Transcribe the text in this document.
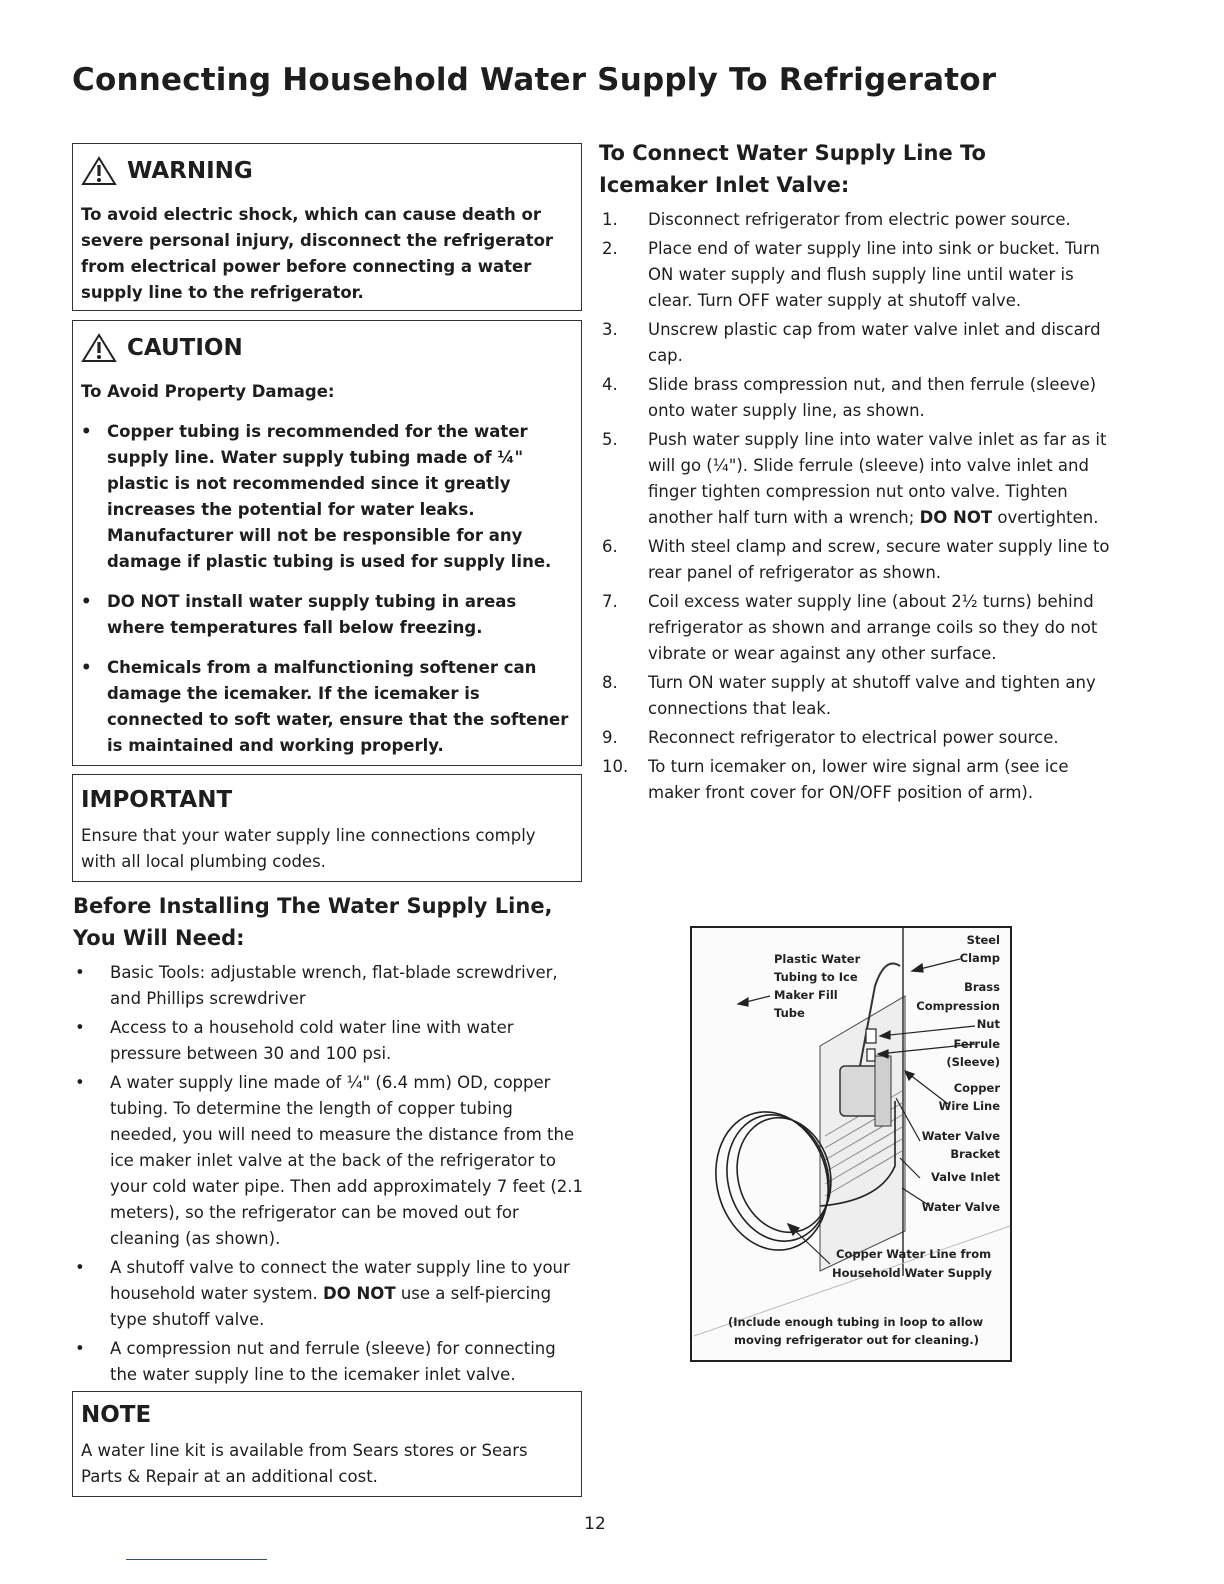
Connecting Household Water Supply To Refrigerator
WARNING
To avoid electric shock, which can cause death or severe personal injury, disconnect the refrigerator from electrical power before connecting a water supply line to the refrigerator.
CAUTION
To Avoid Property Damage:
• Copper tubing is recommended for the water supply line. Water supply tubing made of ¼" plastic is not recommended since it greatly increases the potential for water leaks. Manufacturer will not be responsible for any damage if plastic tubing is used for supply line.
• DO NOT install water supply tubing in areas where temperatures fall below freezing.
• Chemicals from a malfunctioning softener can damage the icemaker. If the icemaker is connected to soft water, ensure that the softener is maintained and working properly.
IMPORTANT
Ensure that your water supply line connections comply with all local plumbing codes.
Before Installing The Water Supply Line, You Will Need:
•	Basic Tools: adjustable wrench, flat-blade screwdriver, and Phillips screwdriver
•	Access to a household cold water line with water pressure between 30 and 100 psi.
•	A water supply line made of ¼" (6.4 mm) OD, copper tubing. To determine the length of copper tubing needed, you will need to measure the distance from the ice maker inlet valve at the back of the refrigerator to your cold water pipe. Then add approximately 7 feet (2.1 meters), so the refrigerator can be moved out for cleaning (as shown).
•	A shutoff valve to connect the water supply line to your household water system. DO NOT use a self-piercing type shutoff valve.
•	A compression nut and ferrule (sleeve) for connecting the water supply line to the icemaker inlet valve.
NOTE
A water line kit is available from Sears stores or Sears Parts & Repair at an additional cost.
To Connect Water Supply Line To Icemaker Inlet Valve:
1.	Disconnect refrigerator from electric power source.
2.	Place end of water supply line into sink or bucket. Turn ON water supply and flush supply line until water is clear. Turn OFF water supply at shutoff valve.
3.	Unscrew plastic cap from water valve inlet and discard cap.
4.	Slide brass compression nut, and then ferrule (sleeve) onto water supply line, as shown.
5.	Push water supply line into water valve inlet as far as it will go (¼"). Slide ferrule (sleeve) into valve inlet and finger tighten compression nut onto valve. Tighten another half turn with a wrench; DO NOT overtighten.
6.	With steel clamp and screw, secure water supply line to rear panel of refrigerator as shown.
7.	Coil excess water supply line (about 2½ turns) behind refrigerator as shown and arrange coils so they do not vibrate or wear against any other surface.
8.	Turn ON water supply at shutoff valve and tighten any connections that leak.
9.	Reconnect refrigerator to electrical power source.
10.	To turn icemaker on, lower wire signal arm (see ice maker front cover for ON/OFF position of arm).
Plastic Water
Tubing to Ice
Maker Fill
Tube
Steel
Clamp
Brass
Compression
Nut
Ferrule
(Sleeve)
Copper
Wire Line
Water Valve
Bracket
Valve Inlet
Water Valve
Copper Water Line from
Household Water Supply
(Include enough tubing in loop to allow
moving refrigerator out for cleaning.)
12
